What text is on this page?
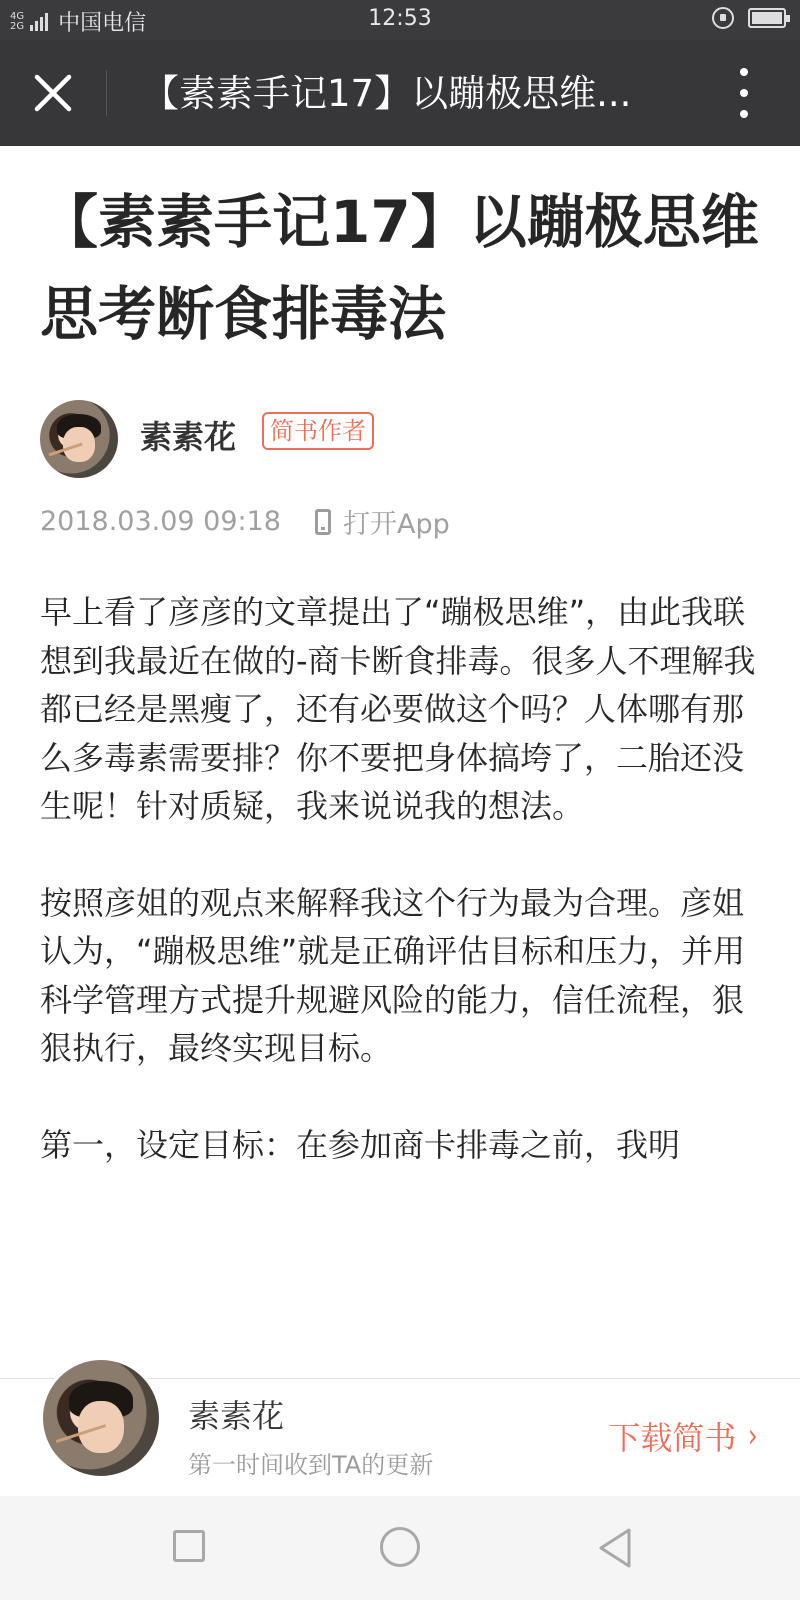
4G
2G 中国电信	12:53
【素素手记17】以蹦极思维...
【素素手记17】以蹦极思维思考断食排毒法
素素花	简书作者
2018.03.09 09:18 打开App

早上看了彦彦的文章提出了“蹦极思维”，由此我联想到我最近在做的-商卡断食排毒。很多人不理解我都已经是黑瘦了，还有必要做这个吗？人体哪有那么多毒素需要排？你不要把身体搞垮了，二胎还没生呢！针对质疑，我来说说我的想法。

按照彦姐的观点来解释我这个行为最为合理。彦姐认为，“蹦极思维”就是正确评估目标和压力，并用科学管理方式提升规避风险的能力，信任流程，狠狠执行，最终实现目标。

第一，设定目标：在参加商卡排毒之前，我明

素素花
第一时间收到TA的更新
下载简书 ›
